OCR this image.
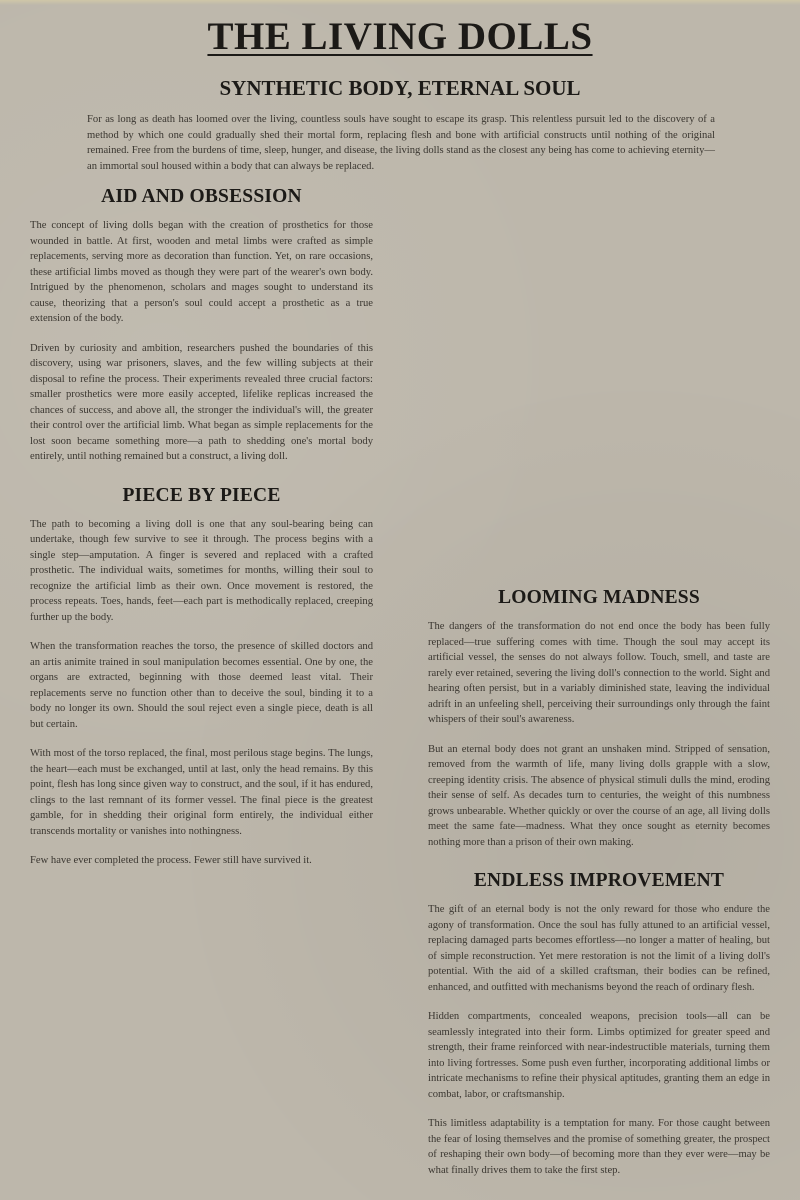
THE LIVING DOLLS
SYNTHETIC BODY, ETERNAL SOUL

For as long as death has loomed over the living, countless souls have sought to escape its grasp. This relentless pursuit led to the discovery of a method by which one could gradually shed their mortal form, replacing flesh and bone with artificial constructs until nothing of the original remained. Free from the burdens of time, sleep, hunger, and disease, the living dolls stand as the closest any being has come to achieving eternity—an immortal soul housed within a body that can always be replaced.

AID AND OBSESSION

The concept of living dolls began with the creation of prosthetics for those wounded in battle. At first, wooden and metal limbs were crafted as simple replacements, serving more as decoration than function. Yet, on rare occasions, these artificial limbs moved as though they were part of the wearer's own body. Intrigued by the phenomenon, scholars and mages sought to understand its cause, theorizing that a person's soul could accept a prosthetic as a true extension of the body.

Driven by curiosity and ambition, researchers pushed the boundaries of this discovery, using war prisoners, slaves, and the few willing subjects at their disposal to refine the process. Their experiments revealed three crucial factors: smaller prosthetics were more easily accepted, lifelike replicas increased the chances of success, and above all, the stronger the individual's will, the greater their control over the artificial limb. What began as simple replacements for the lost soon became something more—a path to shedding one's mortal body entirely, until nothing remained but a construct, a living doll.

PIECE BY PIECE

The path to becoming a living doll is one that any soul-bearing being can undertake, though few survive to see it through. The process begins with a single step—amputation. A finger is severed and replaced with a crafted prosthetic. The individual waits, sometimes for months, willing their soul to recognize the artificial limb as their own. Once movement is restored, the process repeats. Toes, hands, feet—each part is methodically replaced, creeping further up the body.

When the transformation reaches the torso, the presence of skilled doctors and an artis animite trained in soul manipulation becomes essential. One by one, the organs are extracted, beginning with those deemed least vital. Their replacements serve no function other than to deceive the soul, binding it to a body no longer its own. Should the soul reject even a single piece, death is all but certain.

With most of the torso replaced, the final, most perilous stage begins. The lungs, the heart—each must be exchanged, until at last, only the head remains. By this point, flesh has long since given way to construct, and the soul, if it has endured, clings to the last remnant of its former vessel. The final piece is the greatest gamble, for in shedding their original form entirely, the individual either transcends mortality or vanishes into nothingness.

Few have ever completed the process. Fewer still have survived it.

LOOMING MADNESS

The dangers of the transformation do not end once the body has been fully replaced—true suffering comes with time. Though the soul may accept its artificial vessel, the senses do not always follow. Touch, smell, and taste are rarely ever retained, severing the living doll's connection to the world. Sight and hearing often persist, but in a variably diminished state, leaving the individual adrift in an unfeeling shell, perceiving their surroundings only through the faint whispers of their soul's awareness.

But an eternal body does not grant an unshaken mind. Stripped of sensation, removed from the warmth of life, many living dolls grapple with a slow, creeping identity crisis. The absence of physical stimuli dulls the mind, eroding their sense of self. As decades turn to centuries, the weight of this numbness grows unbearable. Whether quickly or over the course of an age, all living dolls meet the same fate—madness. What they once sought as eternity becomes nothing more than a prison of their own making.

ENDLESS IMPROVEMENT

The gift of an eternal body is not the only reward for those who endure the agony of transformation. Once the soul has fully attuned to an artificial vessel, replacing damaged parts becomes effortless—no longer a matter of healing, but of simple reconstruction. Yet mere restoration is not the limit of a living doll's potential. With the aid of a skilled craftsman, their bodies can be refined, enhanced, and outfitted with mechanisms beyond the reach of ordinary flesh.

Hidden compartments, concealed weapons, precision tools—all can be seamlessly integrated into their form. Limbs optimized for greater speed and strength, their frame reinforced with near-indestructible materials, turning them into living fortresses. Some push even further, incorporating additional limbs or intricate mechanisms to refine their physical aptitudes, granting them an edge in combat, labor, or craftsmanship.

This limitless adaptability is a temptation for many. For those caught between the fear of losing themselves and the promise of something greater, the prospect of reshaping their own body—of becoming more than they ever were—may be what finally drives them to take the first step.
